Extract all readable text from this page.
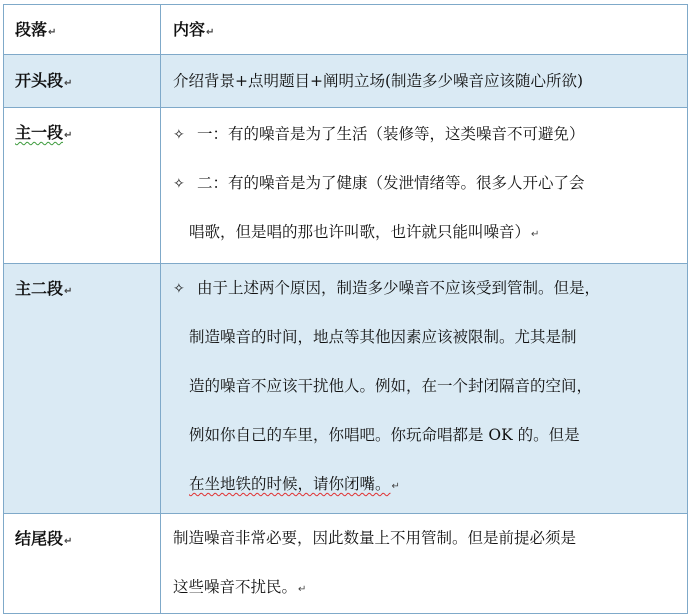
段落↵	内容↵

开头段↵	介绍背景+点明题目+阐明立场(制造多少噪音应该随心所欲)

主一段↵	✧ 一：有的噪音是为了生活（装修等，这类噪音不可避免）
✧ 二：有的噪音是为了健康（发泄情绪等。很多人开心了会
唱歌，但是唱的那也许叫歌，也许就只能叫噪音）↵

主二段↵	✧ 由于上述两个原因，制造多少噪音不应该受到管制。但是，
制造噪音的时间，地点等其他因素应该被限制。尤其是制
造的噪音不应该干扰他人。例如，在一个封闭隔音的空间，
例如你自己的车里，你唱吧。你玩命唱都是 OK 的。但是
在坐地铁的时候，请你闭嘴。↵

结尾段↵	制造噪音非常必要，因此数量上不用管制。但是前提必须是
这些噪音不扰民。↵
